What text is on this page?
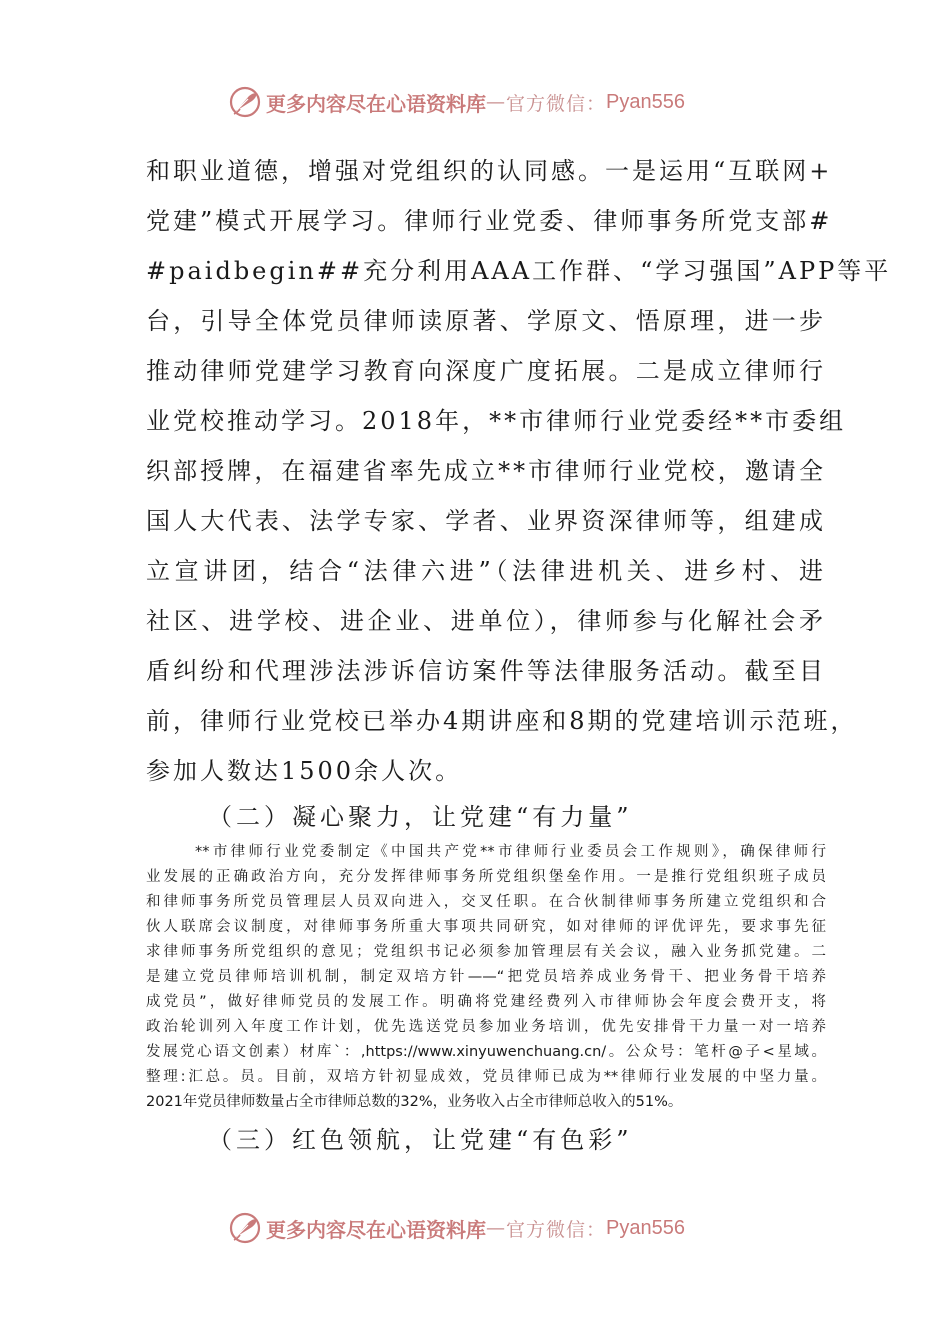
更多内容尽在心语资料库 — 官方微信： Pyan556
和职业道德，增强对党组织的认同感。一是运用“互联网+
党建”模式开展学习。律师行业党委、律师事务所党支部#
#paidbegin##充分利用AAA工作群、“学习强国”APP等平
台，引导全体党员律师读原著、学原文、悟原理，进一步
推动律师党建学习教育向深度广度拓展。二是成立律师行
业党校推动学习。2018年，**市律师行业党委经**市委组
织部授牌，在福建省率先成立**市律师行业党校，邀请全
国人大代表、法学专家、学者、业界资深律师等，组建成
立宣讲团，结合“法律六进”（法律进机关、进乡村、进
社区、进学校、进企业、进单位），律师参与化解社会矛
盾纠纷和代理涉法涉诉信访案件等法律服务活动。截至目
前，律师行业党校已举办4期讲座和8期的党建培训示范班，
参加人数达1500余人次。
（二）凝心聚力，让党建“有力量”
**市律师行业党委制定《中国共产党**市律师行业委员会工作规则》，确保律师行
业发展的正确政治方向，充分发挥律师事务所党组织堡垒作用。一是推行党组织班子成员
和律师事务所党员管理层人员双向进入，交叉任职。在合伙制律师事务所建立党组织和合
伙人联席会议制度，对律师事务所重大事项共同研究，如对律师的评优评先，要求事先征
求律师事务所党组织的意见；党组织书记必须参加管理层有关会议，融入业务抓党建。二
是建立党员律师培训机制，制定双培方针——“把党员培养成业务骨干、把业务骨干培养
成党员”，做好律师党员的发展工作。明确将党建经费列入市律师协会年度会费开支，将
政治轮训列入年度工作计划，优先选送党员参加业务培训，优先安排骨干力量一对一培养
发展党心语文创素）材库`：,https://www.xinyuwenchuang.cn/。公众号：笔杆@子<星域。
整理:汇总。员。目前，双培方针初显成效，党员律师已成为**律师行业发展的中坚力量。
2021年党员律师数量占全市律师总数的32%，业务收入占全市律师总收入的51%。
（三）红色领航，让党建“有色彩”
更多内容尽在心语资料库 — 官方微信： Pyan556
